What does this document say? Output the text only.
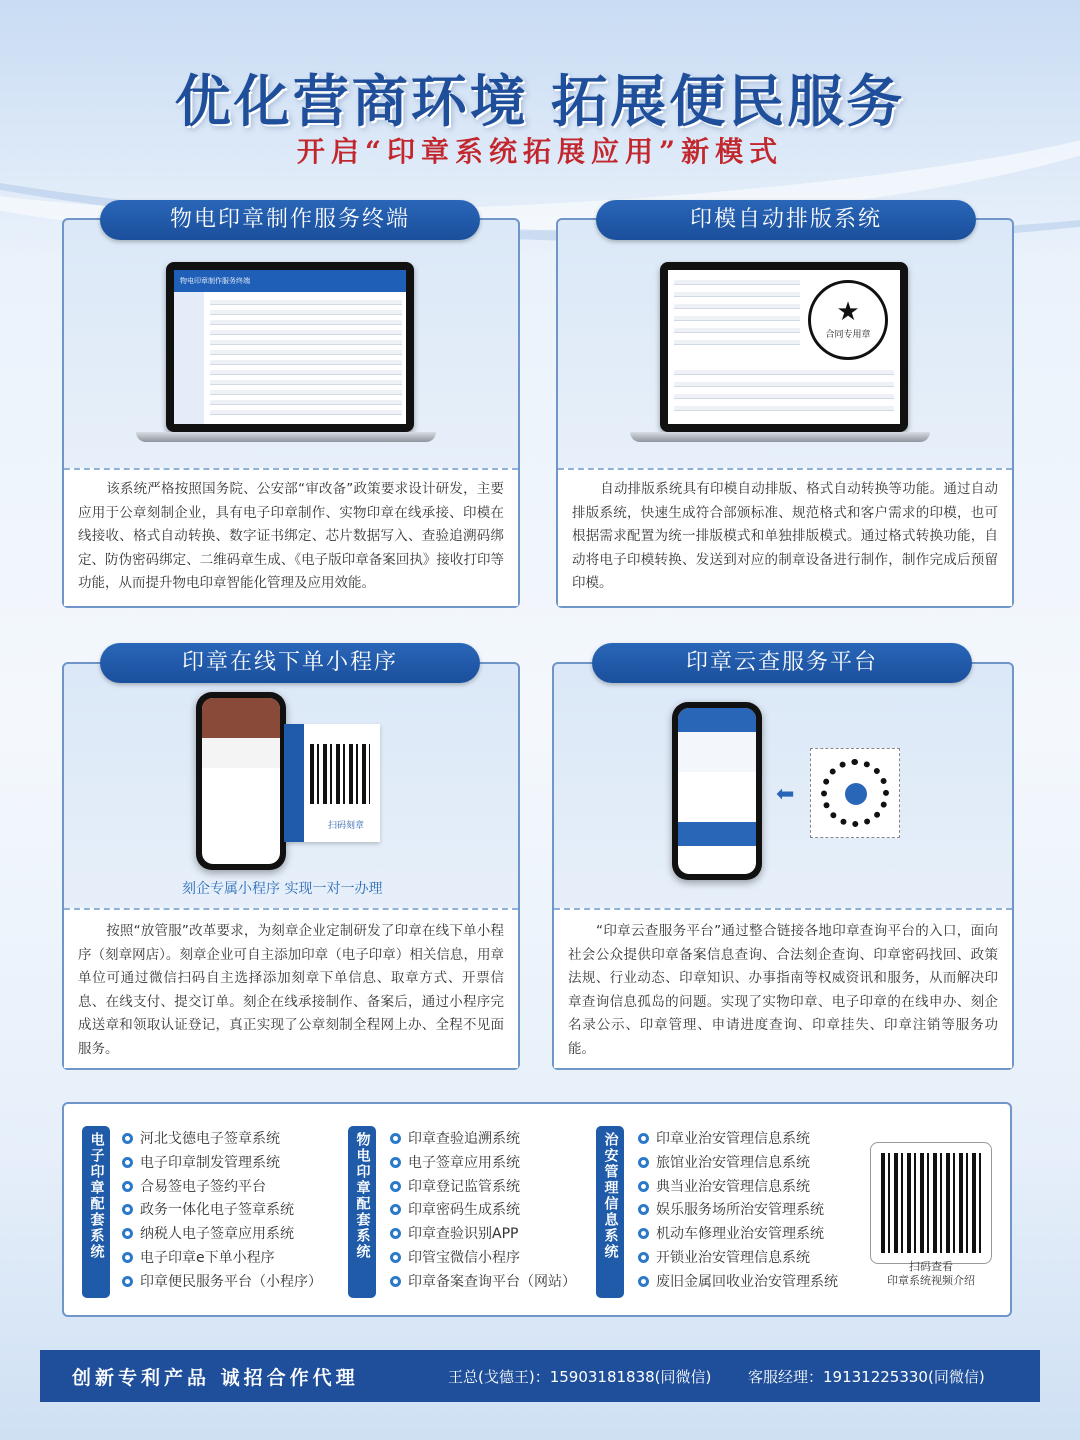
优化营商环境 拓展便民服务
开启“印章系统拓展应用”新模式
物电印章制作服务终端
该系统严格按照国务院、公安部“审改备”政策要求设计研发，主要应用于公章刻制企业，具有电子印章制作、实物印章在线承接、印模在线接收、格式自动转换、数字证书绑定、芯片数据写入、查验追溯码绑定、防伪密码绑定、二维码章生成、《电子版印章备案回执》接收打印等功能，从而提升物电印章智能化管理及应用效能。
物电印章制作服务终端
★
合同专用章
自动排版系统具有印模自动排版、格式自动转换等功能。通过自动排版系统，快速生成符合部颁标准、规范格式和客户需求的印模，也可根据需求配置为统一排版模式和单独排版模式。通过格式转换功能，自动将电子印模转换、发送到对应的制章设备进行制作，制作完成后预留印模。
印模自动排版系统
扫码刻章
刻企专属小程序 实现一对一办理
按照“放管服”改革要求，为刻章企业定制研发了印章在线下单小程序（刻章网店）。刻章企业可自主添加印章（电子印章）相关信息，用章单位可通过微信扫码自主选择添加刻章下单信息、取章方式、开票信息、在线支付、提交订单。刻企在线承接制作、备案后，通过小程序完成送章和领取认证登记，真正实现了公章刻制全程网上办、全程不见面服务。
印章在线下单小程序
⬅
“印章云查服务平台”通过整合链接各地印章查询平台的入口，面向社会公众提供印章备案信息查询、合法刻企查询、印章密码找回、政策法规、行业动态、印章知识、办事指南等权威资讯和服务，从而解决印章查询信息孤岛的问题。实现了实物印章、电子印章的在线申办、刻企名录公示、印章管理、申请进度查询、印章挂失、印章注销等服务功能。
印章云查服务平台
电子印章配套系统	河北戈德电子签章系统
电子印章制发管理系统
合易签电子签约平台
政务一体化电子签章系统
纳税人电子签章应用系统
电子印章e下单小程序
印章便民服务平台（小程序）
物电印章配套系统	印章查验追溯系统
电子签章应用系统
印章登记监管系统
印章密码生成系统
印章查验识别APP
印管宝微信小程序
印章备案查询平台（网站）
治安管理信息系统	印章业治安管理信息系统
旅馆业治安管理信息系统
典当业治安管理信息系统
娱乐服务场所治安管理系统
机动车修理业治安管理系统
开锁业治安管理信息系统
废旧金属回收业治安管理系统
扫码查看
印章系统视频介绍
创新专利产品 诚招合作代理	王总(戈德王)：15903181838(同微信) 客服经理：19131225330(同微信)
